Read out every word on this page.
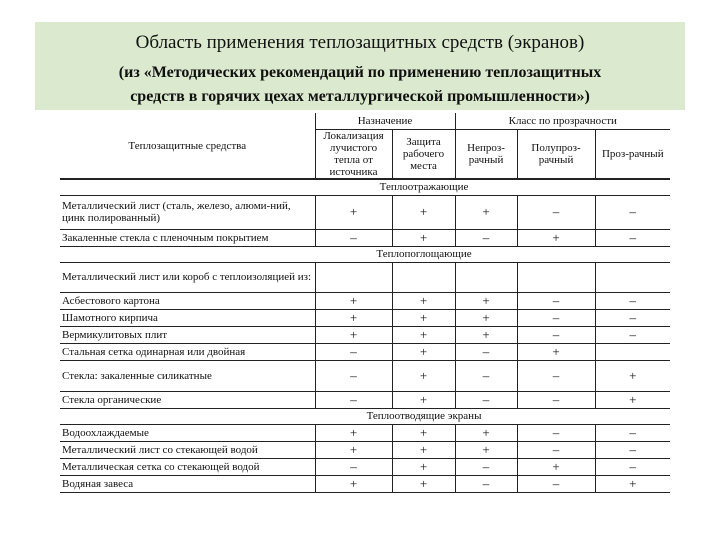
Область применения теплозащитных средств (экранов)
(из «Методических рекомендаций по применению теплозащитных
средств в горячих цехах металлургической промышленности»)
Теплозащитные средства	Назначение		Класс по прозрачности		
	Локализация лучистого тепла от источника	Защита рабочего места	Непроз-рачный	Полупроз-рачный	Проз-рачный
Теплоотражающие					
Металлический лист (сталь, железо, алюми-ний, цинк полированный)	+	+	+	–	–
Закаленные стекла с пленочным покрытием	–	+	–	+	–
Теплопоглощающие					
Металлический лист или короб с теплоизоляцией из:					
Асбестового картона	+	+	+	–	–
Шамотного кирпича	+	+	+	–	–
Вермикулитовых плит	+	+	+	–	–
Стальная сетка одинарная или двойная	–	+	–	+	
Стекла: закаленные силикатные	–	+	–	–	+
Стекла органические	–	+	–	–	+
Теплоотводящие экраны					
Водоохлаждаемые	+	+	+	–	–
Металлический лист со стекающей водой	+	+	+	–	–
Металлическая сетка со стекающей водой	–	+	–	+	–
Водяная завеса	+	+	–	–	+
